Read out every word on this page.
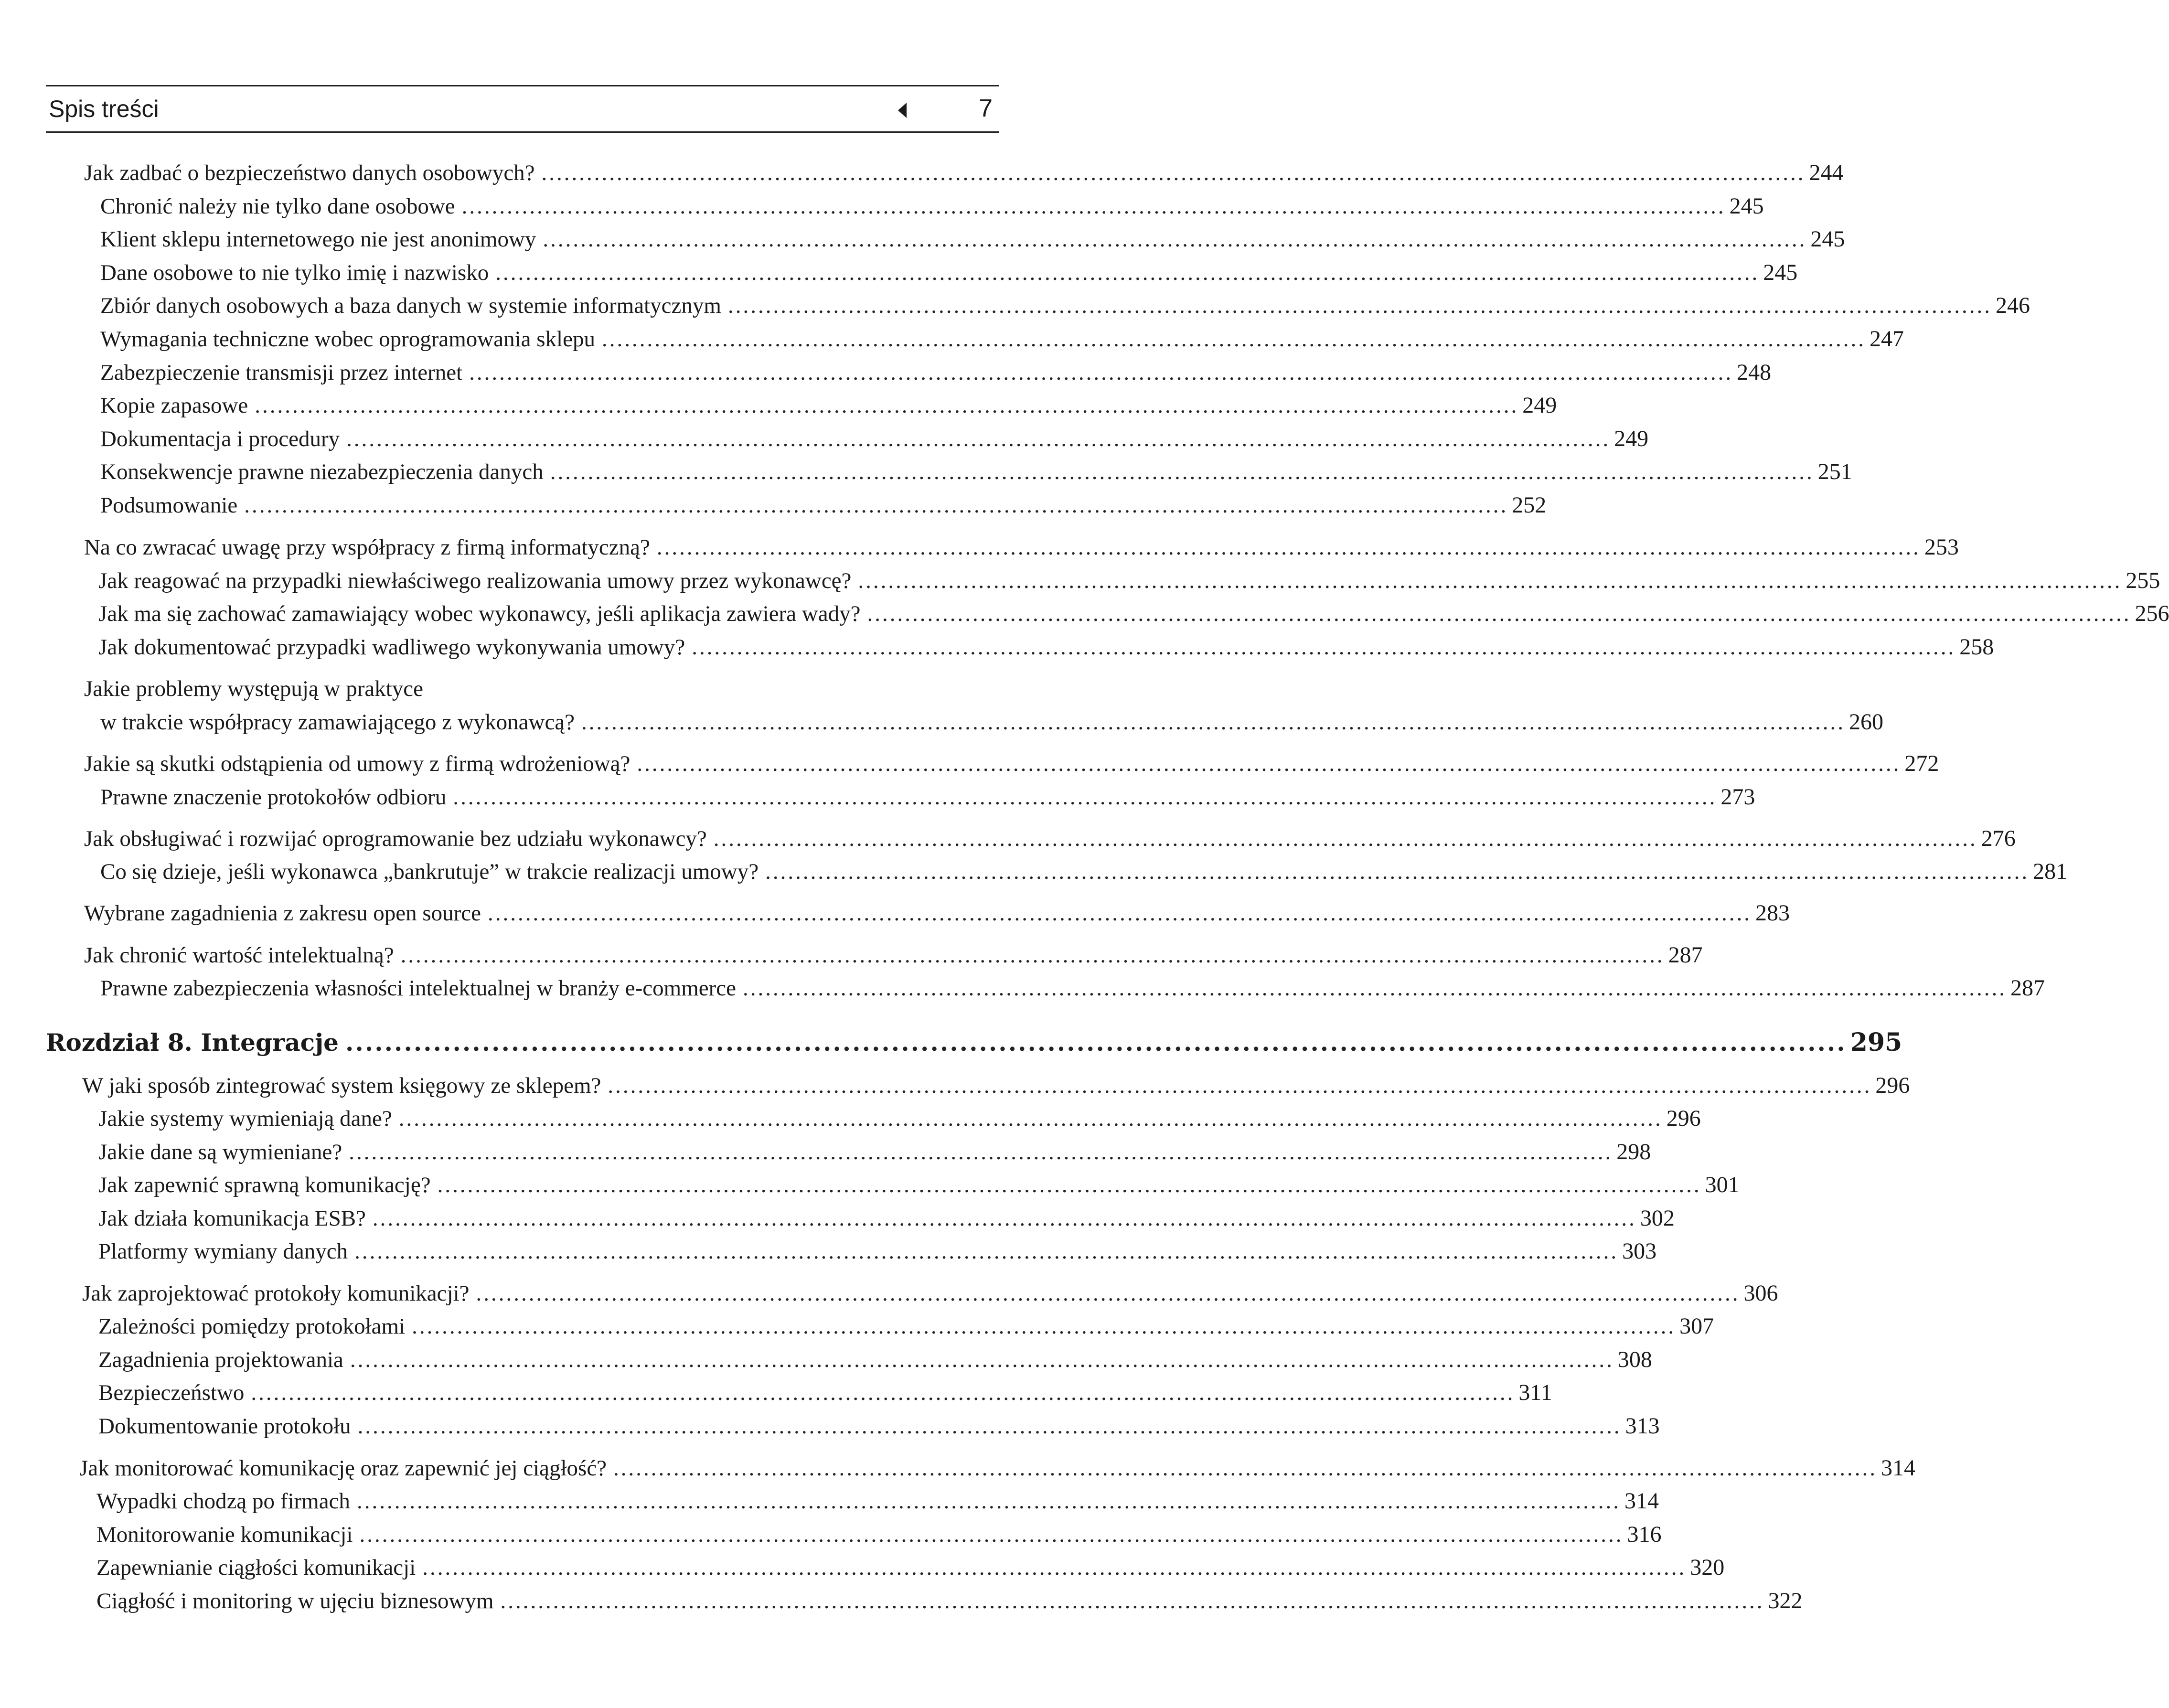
Spis treści	7
Jak zadbać o bezpieczeństwo danych osobowych? ........................................................................................................................................................................ 244
Chronić należy nie tylko dane osobowe ........................................................................................................................................................................ 245
Klient sklepu internetowego nie jest anonimowy ........................................................................................................................................................................ 245
Dane osobowe to nie tylko imię i nazwisko ........................................................................................................................................................................ 245
Zbiór danych osobowych a baza danych w systemie informatycznym ........................................................................................................................................................................ 246
Wymagania techniczne wobec oprogramowania sklepu ........................................................................................................................................................................ 247
Zabezpieczenie transmisji przez internet ........................................................................................................................................................................ 248
Kopie zapasowe ........................................................................................................................................................................ 249
Dokumentacja i procedury ........................................................................................................................................................................ 249
Konsekwencje prawne niezabezpieczenia danych ........................................................................................................................................................................ 251
Podsumowanie ........................................................................................................................................................................ 252
Na co zwracać uwagę przy współpracy z firmą informatyczną? ........................................................................................................................................................................ 253
Jak reagować na przypadki niewłaściwego realizowania umowy przez wykonawcę? ........................................................................................................................................................................ 255
Jak ma się zachować zamawiający wobec wykonawcy, jeśli aplikacja zawiera wady? ........................................................................................................................................................................ 256
Jak dokumentować przypadki wadliwego wykonywania umowy? ........................................................................................................................................................................ 258
Jakie problemy występują w praktyce
w trakcie współpracy zamawiającego z wykonawcą? ........................................................................................................................................................................ 260
Jakie są skutki odstąpienia od umowy z firmą wdrożeniową? ........................................................................................................................................................................ 272
Prawne znaczenie protokołów odbioru ........................................................................................................................................................................ 273
Jak obsługiwać i rozwijać oprogramowanie bez udziału wykonawcy? ........................................................................................................................................................................ 276
Co się dzieje, jeśli wykonawca „bankrutuje” w trakcie realizacji umowy? ........................................................................................................................................................................ 281
Wybrane zagadnienia z zakresu open source ........................................................................................................................................................................ 283
Jak chronić wartość intelektualną? ........................................................................................................................................................................ 287
Prawne zabezpieczenia własności intelektualnej w branży e-commerce ........................................................................................................................................................................ 287
Rozdział 8. Integracje .......................................................................................................................................................... 295
W jaki sposób zintegrować system księgowy ze sklepem? ........................................................................................................................................................................ 296
Jakie systemy wymieniają dane? ........................................................................................................................................................................ 296
Jakie dane są wymieniane? ........................................................................................................................................................................ 298
Jak zapewnić sprawną komunikację? ........................................................................................................................................................................ 301
Jak działa komunikacja ESB? ........................................................................................................................................................................ 302
Platformy wymiany danych ........................................................................................................................................................................ 303
Jak zaprojektować protokoły komunikacji? ........................................................................................................................................................................ 306
Zależności pomiędzy protokołami ........................................................................................................................................................................ 307
Zagadnienia projektowania ........................................................................................................................................................................ 308
Bezpieczeństwo ........................................................................................................................................................................ 311
Dokumentowanie protokołu ........................................................................................................................................................................ 313
Jak monitorować komunikację oraz zapewnić jej ciągłość? ........................................................................................................................................................................ 314
Wypadki chodzą po firmach ........................................................................................................................................................................ 314
Monitorowanie komunikacji ........................................................................................................................................................................ 316
Zapewnianie ciągłości komunikacji ........................................................................................................................................................................ 320
Ciągłość i monitoring w ujęciu biznesowym ........................................................................................................................................................................ 322
